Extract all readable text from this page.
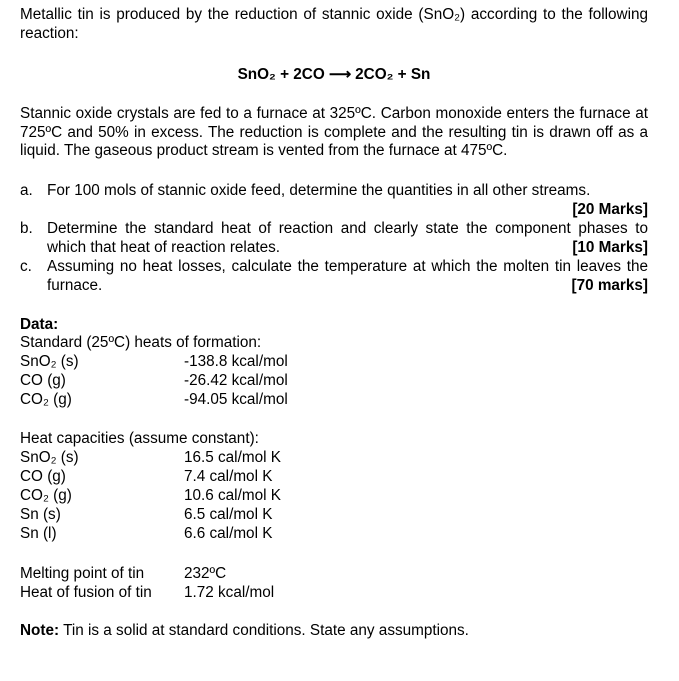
Metallic tin is produced by the reduction of stannic oxide (SnO₂) according to the following reaction:
SnO₂ + 2CO ⟶ 2CO₂ + Sn
Stannic oxide crystals are fed to a furnace at 325ºC. Carbon monoxide enters the furnace at 725ºC and 50% in excess. The reduction is complete and the resulting tin is drawn off as a liquid. The gaseous product stream is vented from the furnace at 475ºC.
a. For 100 mols of stannic oxide feed, determine the quantities in all other streams.
[20 Marks]
b. Determine the standard heat of reaction and clearly state the component phases to which that heat of reaction relates.	[10 Marks]
c. Assuming no heat losses, calculate the temperature at which the molten tin leaves the furnace.	[70 marks]
Data:
Standard (25ºC) heats of formation:
SnO₂ (s)	-138.8 kcal/mol
CO (g)	-26.42 kcal/mol
CO₂ (g)	-94.05 kcal/mol
Heat capacities (assume constant):
SnO₂ (s)	16.5 cal/mol K
CO (g)	7.4 cal/mol K
CO₂ (g)	10.6 cal/mol K
Sn (s)	6.5 cal/mol K
Sn (l)	6.6 cal/mol K
Melting point of tin	232ºC
Heat of fusion of tin 1.72 kcal/mol
Note: Tin is a solid at standard conditions. State any assumptions.
